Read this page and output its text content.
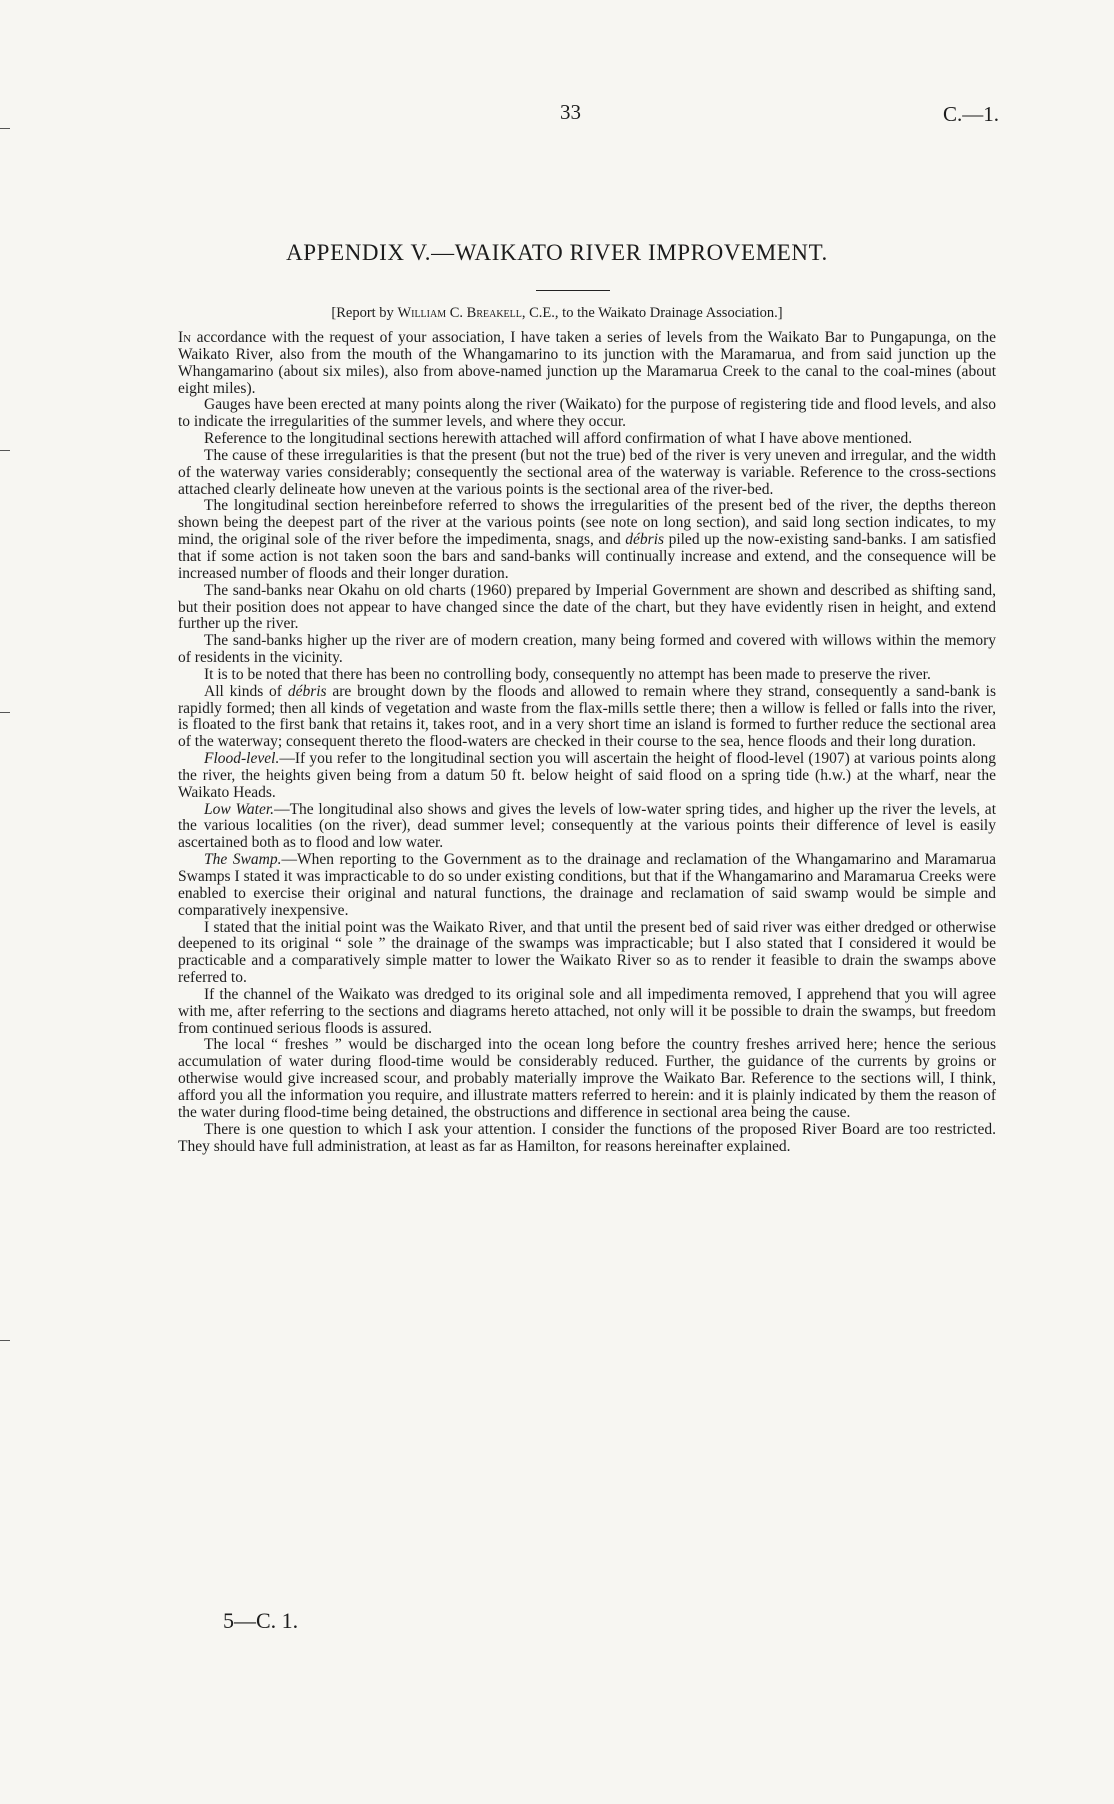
33	C.—1.
APPENDIX V.—WAIKATO RIVER IMPROVEMENT.
[Report by William C. Breakell, C.E., to the Waikato Drainage Association.]

In accordance with the request of your association, I have taken a series of levels from the Waikato Bar to Pungapunga, on the Waikato River, also from the mouth of the Whangamarino to its junction with the Maramarua, and from said junction up the Whangamarino (about six miles), also from above-named junction up the Maramarua Creek to the canal to the coal-mines (about eight miles).

Gauges have been erected at many points along the river (Waikato) for the purpose of registering tide and flood levels, and also to indicate the irregularities of the summer levels, and where they occur.

Reference to the longitudinal sections herewith attached will afford confirmation of what I have above mentioned.

The cause of these irregularities is that the present (but not the true) bed of the river is very uneven and irregular, and the width of the waterway varies considerably; consequently the sectional area of the waterway is variable. Reference to the cross-sections attached clearly delineate how uneven at the various points is the sectional area of the river-bed.

The longitudinal section hereinbefore referred to shows the irregularities of the present bed of the river, the depths thereon shown being the deepest part of the river at the various points (see note on long section), and said long section indicates, to my mind, the original sole of the river before the impedimenta, snags, and débris piled up the now-existing sand-banks. I am satisfied that if some action is not taken soon the bars and sand-banks will continually increase and extend, and the consequence will be increased number of floods and their longer duration.

The sand-banks near Okahu on old charts (1960) prepared by Imperial Government are shown and described as shifting sand, but their position does not appear to have changed since the date of the chart, but they have evidently risen in height, and extend further up the river.

The sand-banks higher up the river are of modern creation, many being formed and covered with willows within the memory of residents in the vicinity.

It is to be noted that there has been no controlling body, consequently no attempt has been made to preserve the river.

All kinds of débris are brought down by the floods and allowed to remain where they strand, consequently a sand-bank is rapidly formed; then all kinds of vegetation and waste from the flax-mills settle there; then a willow is felled or falls into the river, is floated to the first bank that retains it, takes root, and in a very short time an island is formed to further reduce the sectional area of the waterway; consequent thereto the flood-waters are checked in their course to the sea, hence floods and their long duration.

Flood-level.—If you refer to the longitudinal section you will ascertain the height of flood-level (1907) at various points along the river, the heights given being from a datum 50 ft. below height of said flood on a spring tide (h.w.) at the wharf, near the Waikato Heads.

Low Water.—The longitudinal also shows and gives the levels of low-water spring tides, and higher up the river the levels, at the various localities (on the river), dead summer level; consequently at the various points their difference of level is easily ascertained both as to flood and low water.

The Swamp.—When reporting to the Government as to the drainage and reclamation of the Whangamarino and Maramarua Swamps I stated it was impracticable to do so under existing conditions, but that if the Whangamarino and Maramarua Creeks were enabled to exercise their original and natural functions, the drainage and reclamation of said swamp would be simple and comparatively inexpensive.

I stated that the initial point was the Waikato River, and that until the present bed of said river was either dredged or otherwise deepened to its original “ sole ” the drainage of the swamps was impracticable; but I also stated that I considered it would be practicable and a comparatively simple matter to lower the Waikato River so as to render it feasible to drain the swamps above referred to.

If the channel of the Waikato was dredged to its original sole and all impedimenta removed, I apprehend that you will agree with me, after referring to the sections and diagrams hereto attached, not only will it be possible to drain the swamps, but freedom from continued serious floods is assured.

The local “ freshes ” would be discharged into the ocean long before the country freshes arrived here; hence the serious accumulation of water during flood-time would be considerably reduced. Further, the guidance of the currents by groins or otherwise would give increased scour, and probably materially improve the Waikato Bar. Reference to the sections will, I think, afford you all the information you require, and illustrate matters referred to herein: and it is plainly indicated by them the reason of the water during flood-time being detained, the obstructions and difference in sectional area being the cause.

There is one question to which I ask your attention. I consider the functions of the proposed River Board are too restricted. They should have full administration, at least as far as Hamilton, for reasons hereinafter explained.

5—C. 1.
